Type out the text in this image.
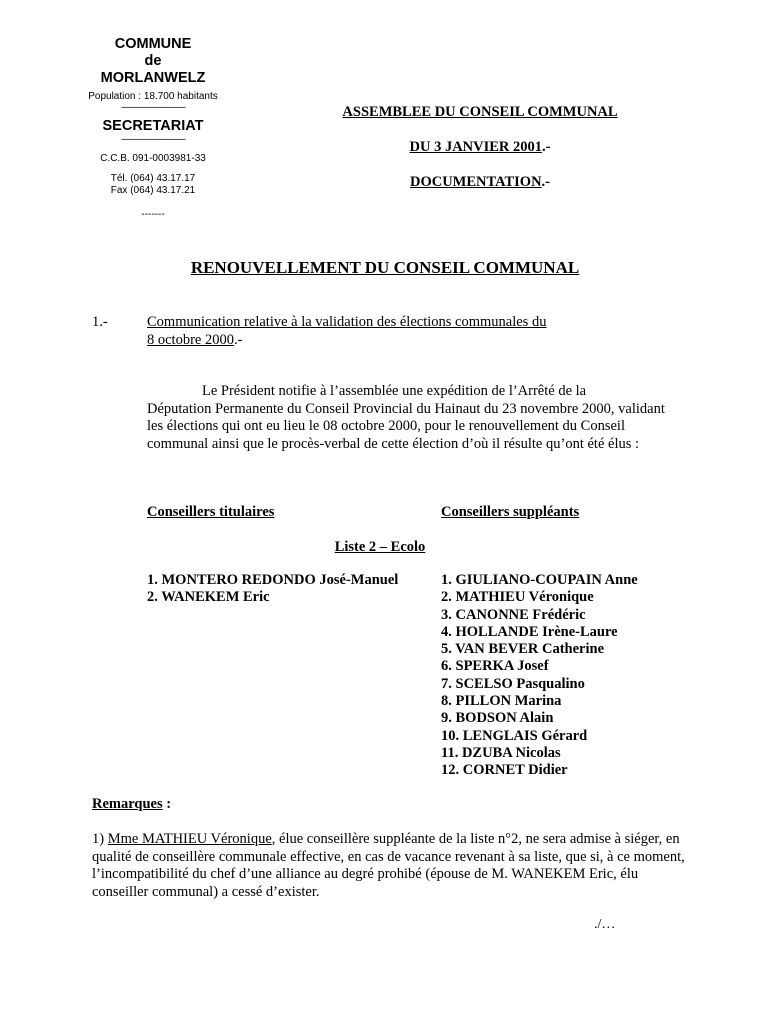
COMMUNE
de
MORLANWELZ
Population : 18.700 habitants
———————
SECRETARIAT
———————
C.C.B. 091-0003981-33
Tél. (064) 43.17.17
Fax (064) 43.17.21
-------
ASSEMBLEE DU CONSEIL COMMUNAL
DU 3 JANVIER 2001.-
DOCUMENTATION.-
RENOUVELLEMENT DU CONSEIL COMMUNAL
1.-	Communication relative à la validation des élections communales du
8 octobre 2000.-
Le Président notifie à l’assemblée une expédition de l’Arrêté de la
Députation Permanente du Conseil Provincial du Hainaut du 23 novembre 2000, validant les élections qui ont eu lieu le 08 octobre 2000, pour le renouvellement du Conseil communal ainsi que le procès-verbal de cette élection d’où il résulte qu’ont été élus :
Conseillers titulaires	Conseillers suppléants
Liste 2 – Ecolo
1. MONTERO REDONDO José-Manuel
2. WANEKEM Eric
1. GIULIANO-COUPAIN Anne
2. MATHIEU Véronique
3. CANONNE Frédéric
4. HOLLANDE Irène-Laure
5. VAN BEVER Catherine
6. SPERKA Josef
7. SCELSO Pasqualino
8. PILLON Marina
9. BODSON Alain
10. LENGLAIS Gérard
11. DZUBA Nicolas
12. CORNET Didier
Remarques :
1) Mme MATHIEU Véronique, élue conseillère suppléante de la liste n°2, ne sera admise à siéger, en qualité de conseillère communale effective, en cas de vacance revenant à sa liste, que si, à ce moment, l’incompatibilité du chef d’une alliance au degré prohibé (épouse de M. WANEKEM Eric, élu conseiller communal) a cessé d’exister.
./…
